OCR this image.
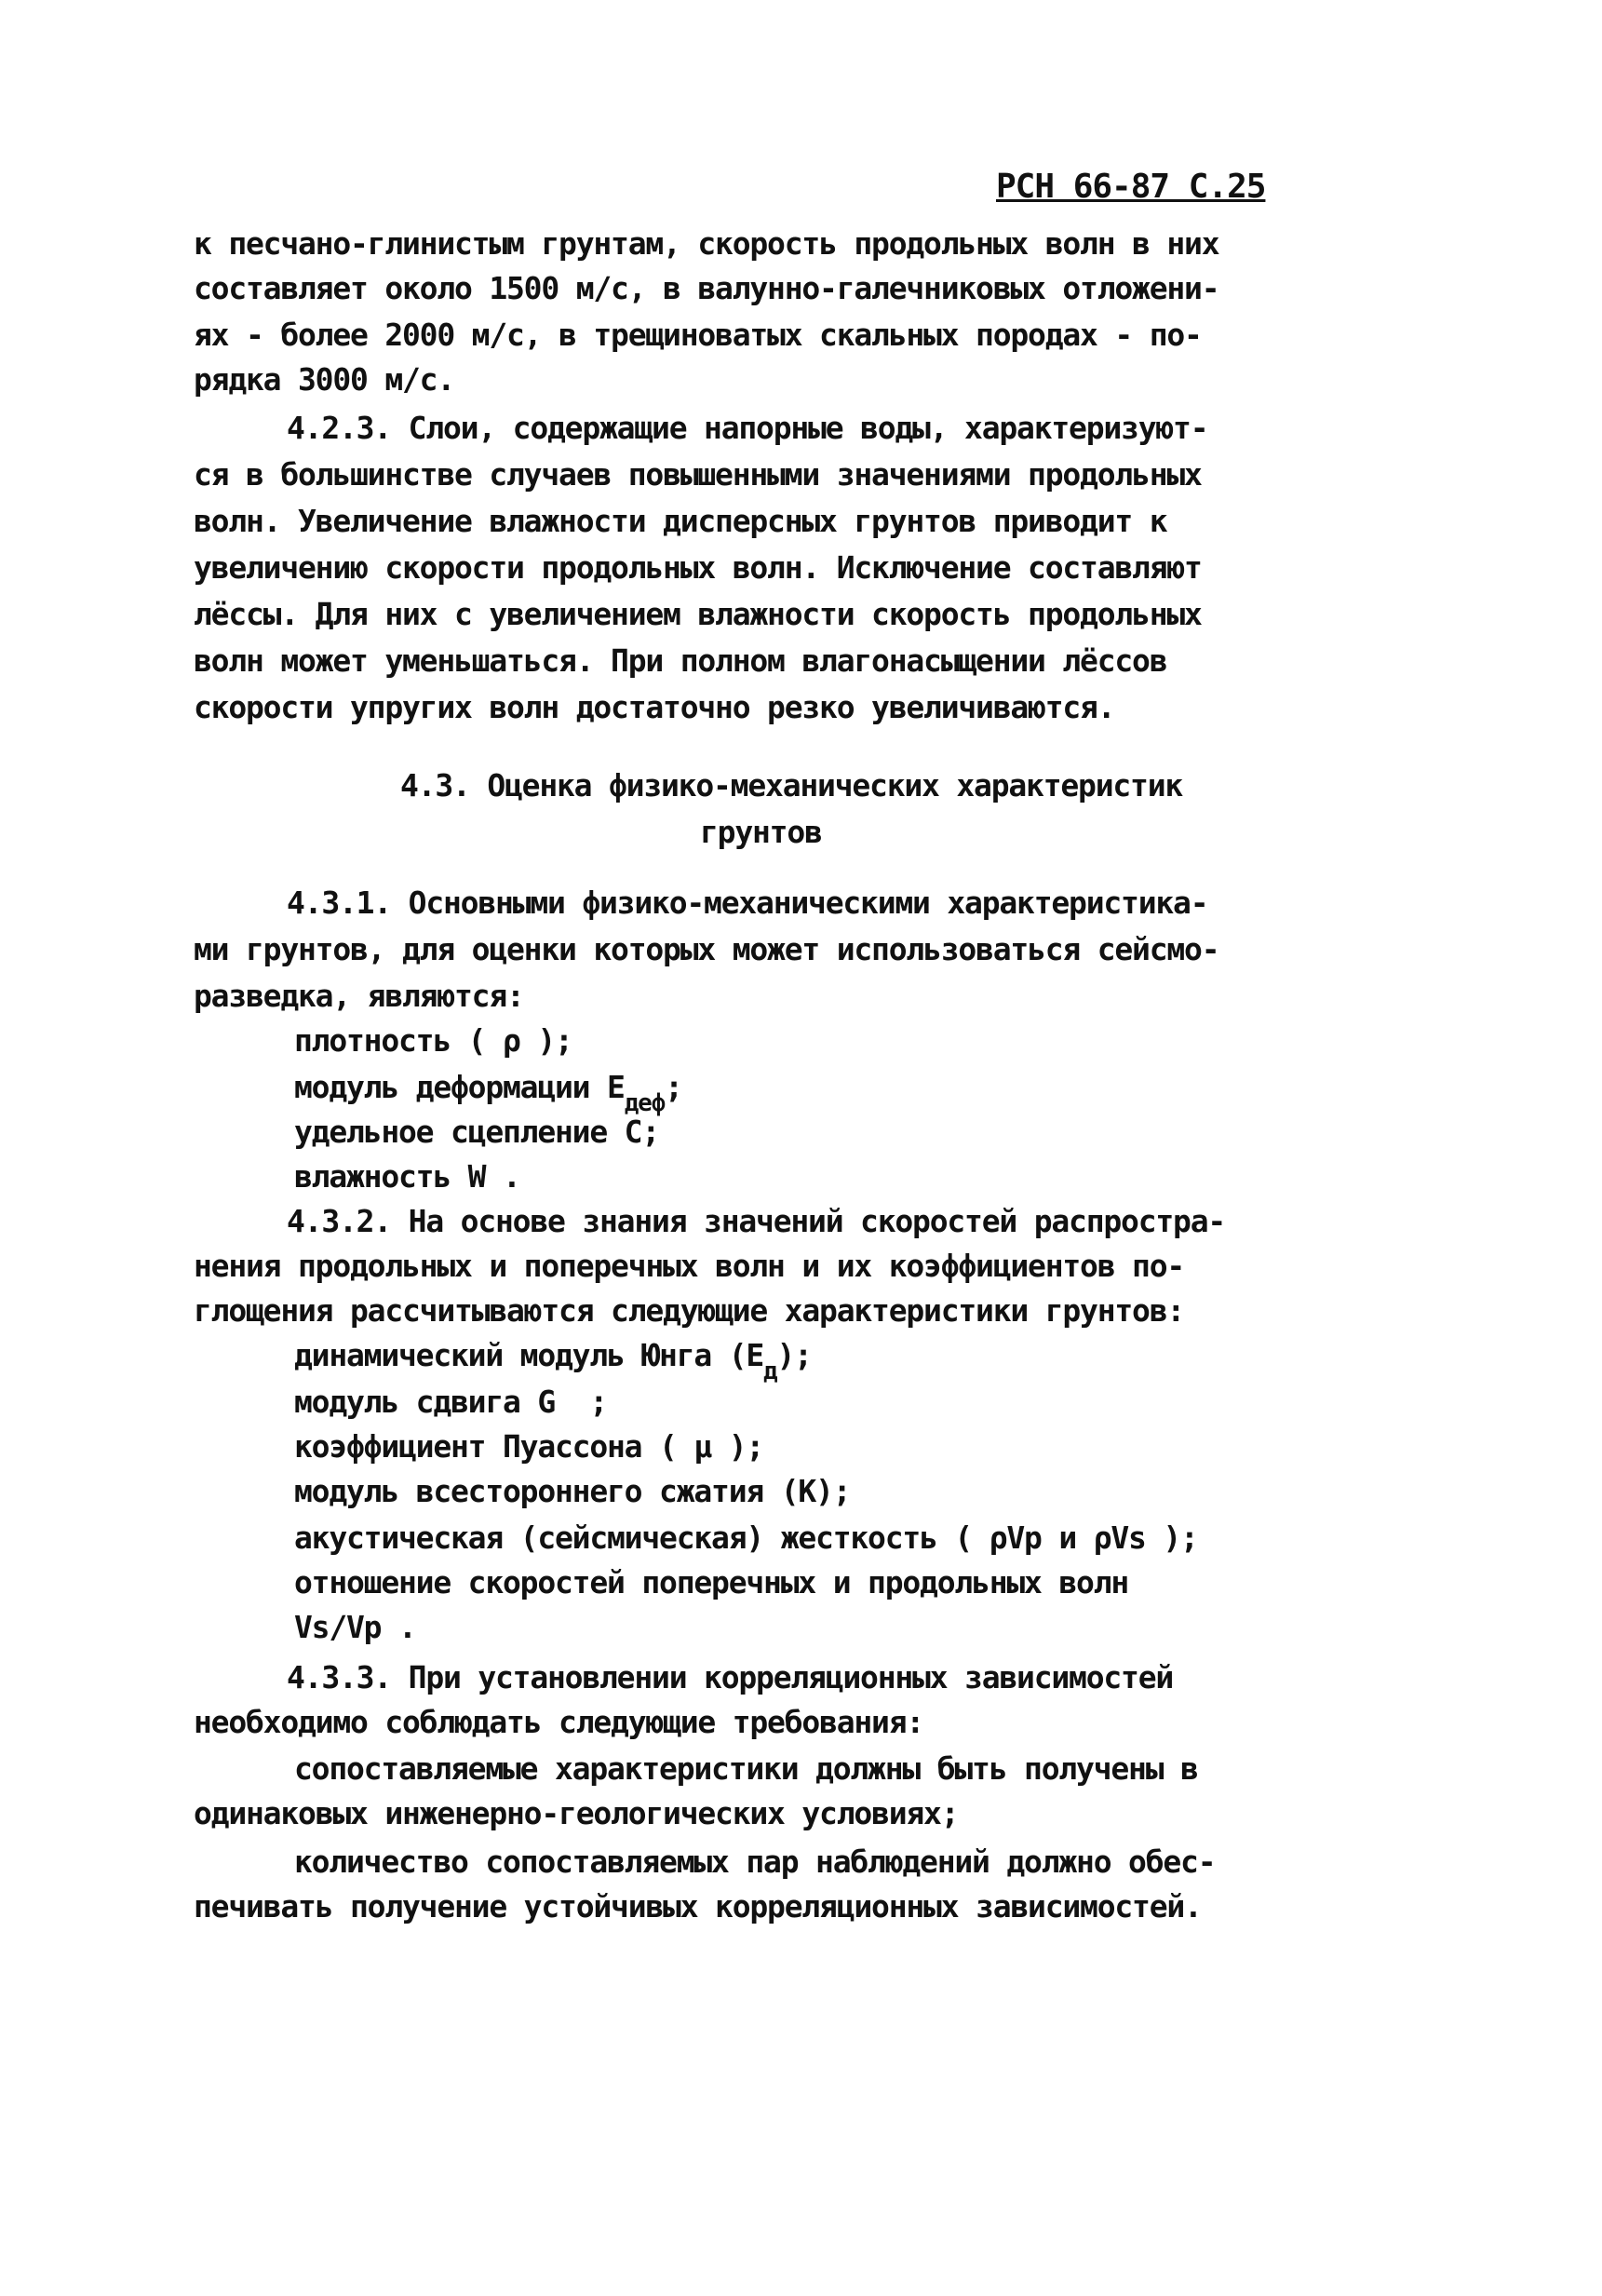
РСН 66-87 С.25
к песчано-глинистым грунтам, скорость продольных волн в них
составляет около 1500 м/с, в валунно-галечниковых отложени-
ях - более 2000 м/с, в трещиноватых скальных породах - по-
рядка 3000 м/с.
4.2.3. Слои, содержащие напорные воды, характеризуют-
ся в большинстве случаев повышенными значениями продольных
волн. Увеличение влажности дисперсных грунтов приводит к
увеличению скорости продольных волн. Исключение составляют
лёссы. Для них с увеличением влажности скорость продольных
волн может уменьшаться. При полном влагонасыщении лёссов
скорости упругих волн достаточно резко увеличиваются.
4.3. Оценка физико-механических характеристик
грунтов
4.3.1. Основными физико-механическими характеристика-
ми грунтов, для оценки которых может использоваться сейсмо-
разведка, являются:
плотность ( ρ );
модуль деформации $E_{деф}$;
удельное сцепление C;
влажность W .
4.3.2. На основе знания значений скоростей распростра-
нения продольных и поперечных волн и их коэффициентов по-
глощения рассчитываются следующие характеристики грунтов:
динамический модуль Юнга $(E_д)$;
модуль сдвига G  ;
коэффициент Пуассона ( μ );
модуль всестороннего сжатия (K);
акустическая (сейсмическая) жесткость ( ρVp и ρVs );
отношение скоростей поперечных и продольных волн
Vs/Vp .
4.3.3. При установлении корреляционных зависимостей
необходимо соблюдать следующие требования:
сопоставляемые характеристики должны быть получены в
одинаковых инженерно-геологических условиях;
количество сопоставляемых пар наблюдений должно обес-
печивать получение устойчивых корреляционных зависимостей.
